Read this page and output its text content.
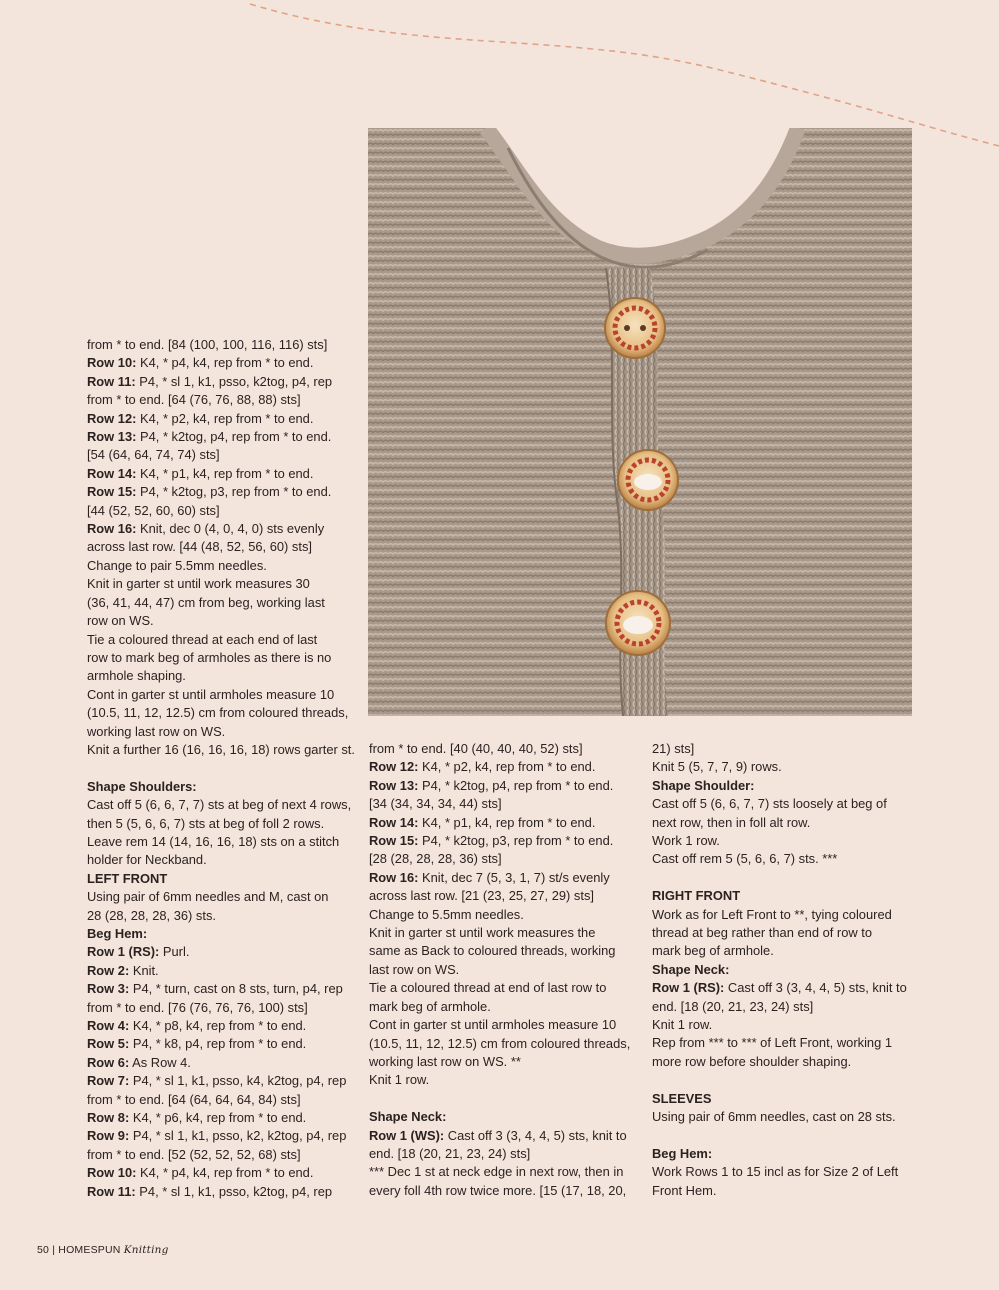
from * to end. [84 (100, 100, 116, 116) sts]

Row 10: K4, * p4, k4, rep from * to end.

Row 11: P4, * sl 1, k1, psso, k2tog, p4, rep

from * to end. [64 (76, 76, 88, 88) sts]

Row 12: K4, * p2, k4, rep from * to end.

Row 13: P4, * k2tog, p4, rep from * to end.

[54 (64, 64, 74, 74) sts]

Row 14: K4, * p1, k4, rep from * to end.

Row 15: P4, * k2tog, p3, rep from * to end.

[44 (52, 52, 60, 60) sts]

Row 16: Knit, dec 0 (4, 0, 4, 0) sts evenly

across last row. [44 (48, 52, 56, 60) sts]

Change to pair 5.5mm needles.

Knit in garter st until work measures 30

(36, 41, 44, 47) cm from beg, working last

row on WS.

Tie a coloured thread at each end of last

row to mark beg of armholes as there is no

armhole shaping.

Cont in garter st until armholes measure 10

(10.5, 11, 12, 12.5) cm from coloured threads,

working last row on WS.

Knit a further 16 (16, 16, 16, 18) rows garter st.

Shape Shoulders:

Cast off 5 (6, 6, 7, 7) sts at beg of next 4 rows,

then 5 (5, 6, 6, 7) sts at beg of foll 2 rows.

Leave rem 14 (14, 16, 16, 18) sts on a stitch

holder for Neckband.

LEFT FRONT

Using pair of 6mm needles and M, cast on

28 (28, 28, 28, 36) sts.

Beg Hem:

Row 1 (RS): Purl.

Row 2: Knit.

Row 3: P4, * turn, cast on 8 sts, turn, p4, rep

from * to end. [76 (76, 76, 76, 100) sts]

Row 4: K4, * p8, k4, rep from * to end.

Row 5: P4, * k8, p4, rep from * to end.

Row 6: As Row 4.

Row 7: P4, * sl 1, k1, psso, k4, k2tog, p4, rep

from * to end. [64 (64, 64, 64, 84) sts]

Row 8: K4, * p6, k4, rep from * to end.

Row 9: P4, * sl 1, k1, psso, k2, k2tog, p4, rep

from * to end. [52 (52, 52, 52, 68) sts]

Row 10: K4, * p4, k4, rep from * to end.

Row 11: P4, * sl 1, k1, psso, k2tog, p4, rep

from * to end. [40 (40, 40, 40, 52) sts]

Row 12: K4, * p2, k4, rep from * to end.

Row 13: P4, * k2tog, p4, rep from * to end.

[34 (34, 34, 34, 44) sts]

Row 14: K4, * p1, k4, rep from * to end.

Row 15: P4, * k2tog, p3, rep from * to end.

[28 (28, 28, 28, 36) sts]

Row 16: Knit, dec 7 (5, 3, 1, 7) st/s evenly

across last row. [21 (23, 25, 27, 29) sts]

Change to 5.5mm needles.

Knit in garter st until work measures the

same as Back to coloured threads, working

last row on WS.

Tie a coloured thread at end of last row to

mark beg of armhole.

Cont in garter st until armholes measure 10

(10.5, 11, 12, 12.5) cm from coloured threads,

working last row on WS. **

Knit 1 row.

Shape Neck:

Row 1 (WS): Cast off 3 (3, 4, 4, 5) sts, knit to

end. [18 (20, 21, 23, 24) sts]

*** Dec 1 st at neck edge in next row, then in

every foll 4th row twice more. [15 (17, 18, 20,

21) sts]

Knit 5 (5, 7, 7, 9) rows.

Shape Shoulder:

Cast off 5 (6, 6, 7, 7) sts loosely at beg of

next row, then in foll alt row.

Work 1 row.

Cast off rem 5 (5, 6, 6, 7) sts. ***

RIGHT FRONT

Work as for Left Front to **, tying coloured

thread at beg rather than end of row to

mark beg of armhole.

Shape Neck:

Row 1 (RS): Cast off 3 (3, 4, 4, 5) sts, knit to

end. [18 (20, 21, 23, 24) sts]

Knit 1 row.

Rep from *** to *** of Left Front, working 1

more row before shoulder shaping.

SLEEVES

Using pair of 6mm needles, cast on 28 sts.

Beg Hem:

Work Rows 1 to 15 incl as for Size 2 of Left

Front Hem.

50 | HOMESPUN Knitting
